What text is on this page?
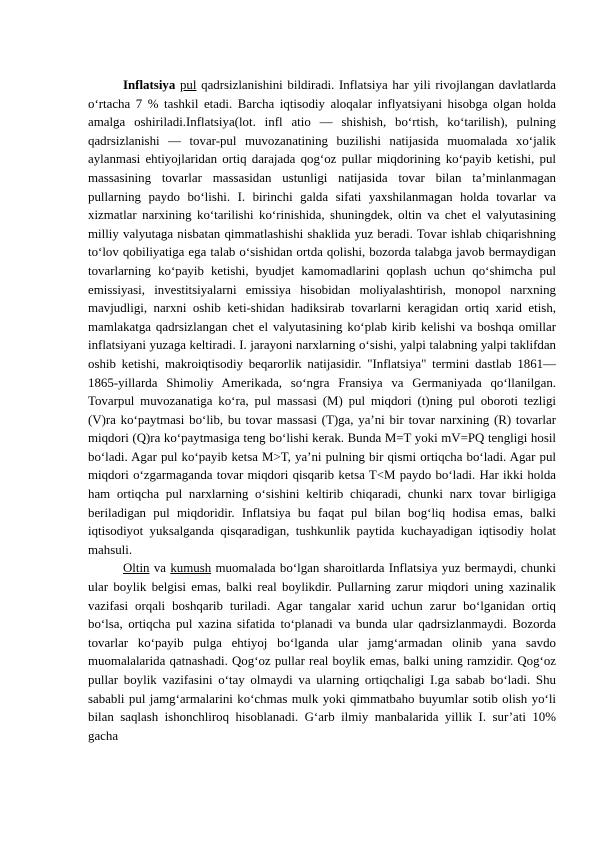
Inflatsiya pul qadrsizlanishini bildiradi. Inflatsiya har yili rivojlangan davlatlarda o‘rtacha 7 % tashkil etadi. Barcha iqtisodiy aloqalar inflyatsiyani hisobga olgan holda amalga oshiriladi.Inflatsiya(lot. infl atio — shishish, bo‘rtish, ko‘tarilish), pulning qadrsizlanishi — tovar-pul muvozanatining buzilishi natijasida muomalada xo‘jalik aylanmasi ehtiyojlaridan ortiq darajada qog‘oz pullar miqdorining ko‘payib ketishi, pul massasining tovarlar massasidan ustunligi natijasida tovar bilan ta’minlanmagan pullarning paydo bo‘lishi. I. birinchi galda sifati yaxshilanmagan holda tovarlar va xizmatlar narxining ko‘tarilishi ko‘rinishida, shuningdek, oltin va chet el valyutasining milliy valyutaga nisbatan qimmatlashishi shaklida yuz beradi. Tovar ishlab chiqarishning to‘lov qobiliyatiga ega talab o‘sishidan ortda qolishi, bozorda talabga javob bermaydigan tovarlarning ko‘payib ketishi, byudjet kamomadlarini qoplash uchun qo‘shimcha pul emissiyasi, investitsiyalarni emissiya hisobidan moliyalashtirish, monopol narxning mavjudligi, narxni oshib keti-shidan hadiksirab tovarlarni keragidan ortiq xarid etish, mamlakatga qadrsizlangan chet el valyutasining ko‘plab kirib kelishi va boshqa omillar inflatsiyani yuzaga keltiradi. I. jarayoni narxlarning o‘sishi, yalpi talabning yalpi taklifdan oshib ketishi, makroiqtisodiy beqarorlik natijasidir. "Inflatsiya" termini dastlab 1861—1865-yillarda Shimoliy Amerikada, so‘ngra Fransiya va Germaniyada qo‘llanilgan. Tovarpul muvozanatiga ko‘ra, pul massasi (M) pul miqdori (t)ning pul oboroti tezligi (V)ra ko‘paytmasi bo‘lib, bu tovar massasi (T)ga, ya’ni bir tovar narxining (R) tovarlar miqdori (Q)ra ko‘paytmasiga teng bo‘lishi kerak. Bunda M=T yoki mV=PQ tengligi hosil bo‘ladi. Agar pul ko‘payib ketsa M>T, ya’ni pulning bir qismi ortiqcha bo‘ladi. Agar pul miqdori o‘zgarmaganda tovar miqdori qisqarib ketsa T<M paydo bo‘ladi. Har ikki holda ham ortiqcha pul narxlarning o‘sishini keltirib chiqaradi, chunki narx tovar birligiga beriladigan pul miqdoridir. Inflatsiya bu faqat pul bilan bog‘liq hodisa emas, balki iqtisodiyot yuksalganda qisqaradigan, tushkunlik paytida kuchayadigan iqtisodiy holat mahsuli.

Oltin va kumush muomalada bo‘lgan sharoitlarda Inflatsiya yuz bermaydi, chunki ular boylik belgisi emas, balki real boylikdir. Pullarning zarur miqdori uning xazinalik vazifasi orqali boshqarib turiladi. Agar tangalar xarid uchun zarur bo‘lganidan ortiq bo‘lsa, ortiqcha pul xazina sifatida to‘planadi va bunda ular qadrsizlanmaydi. Bozorda tovarlar ko‘payib pulga ehtiyoj bo‘lganda ular jamg‘armadan olinib yana savdo muomalalarida qatnashadi. Qog‘oz pullar real boylik emas, balki uning ramzidir. Qog‘oz pullar boylik vazifasini o‘tay olmaydi va ularning ortiqchaligi I.ga sabab bo‘ladi. Shu sababli pul jamg‘armalarini ko‘chmas mulk yoki qimmatbaho buyumlar sotib olish yo‘li bilan saqlash ishonchliroq hisoblanadi. G‘arb ilmiy manbalarida yillik I. sur’ati 10% gacha
